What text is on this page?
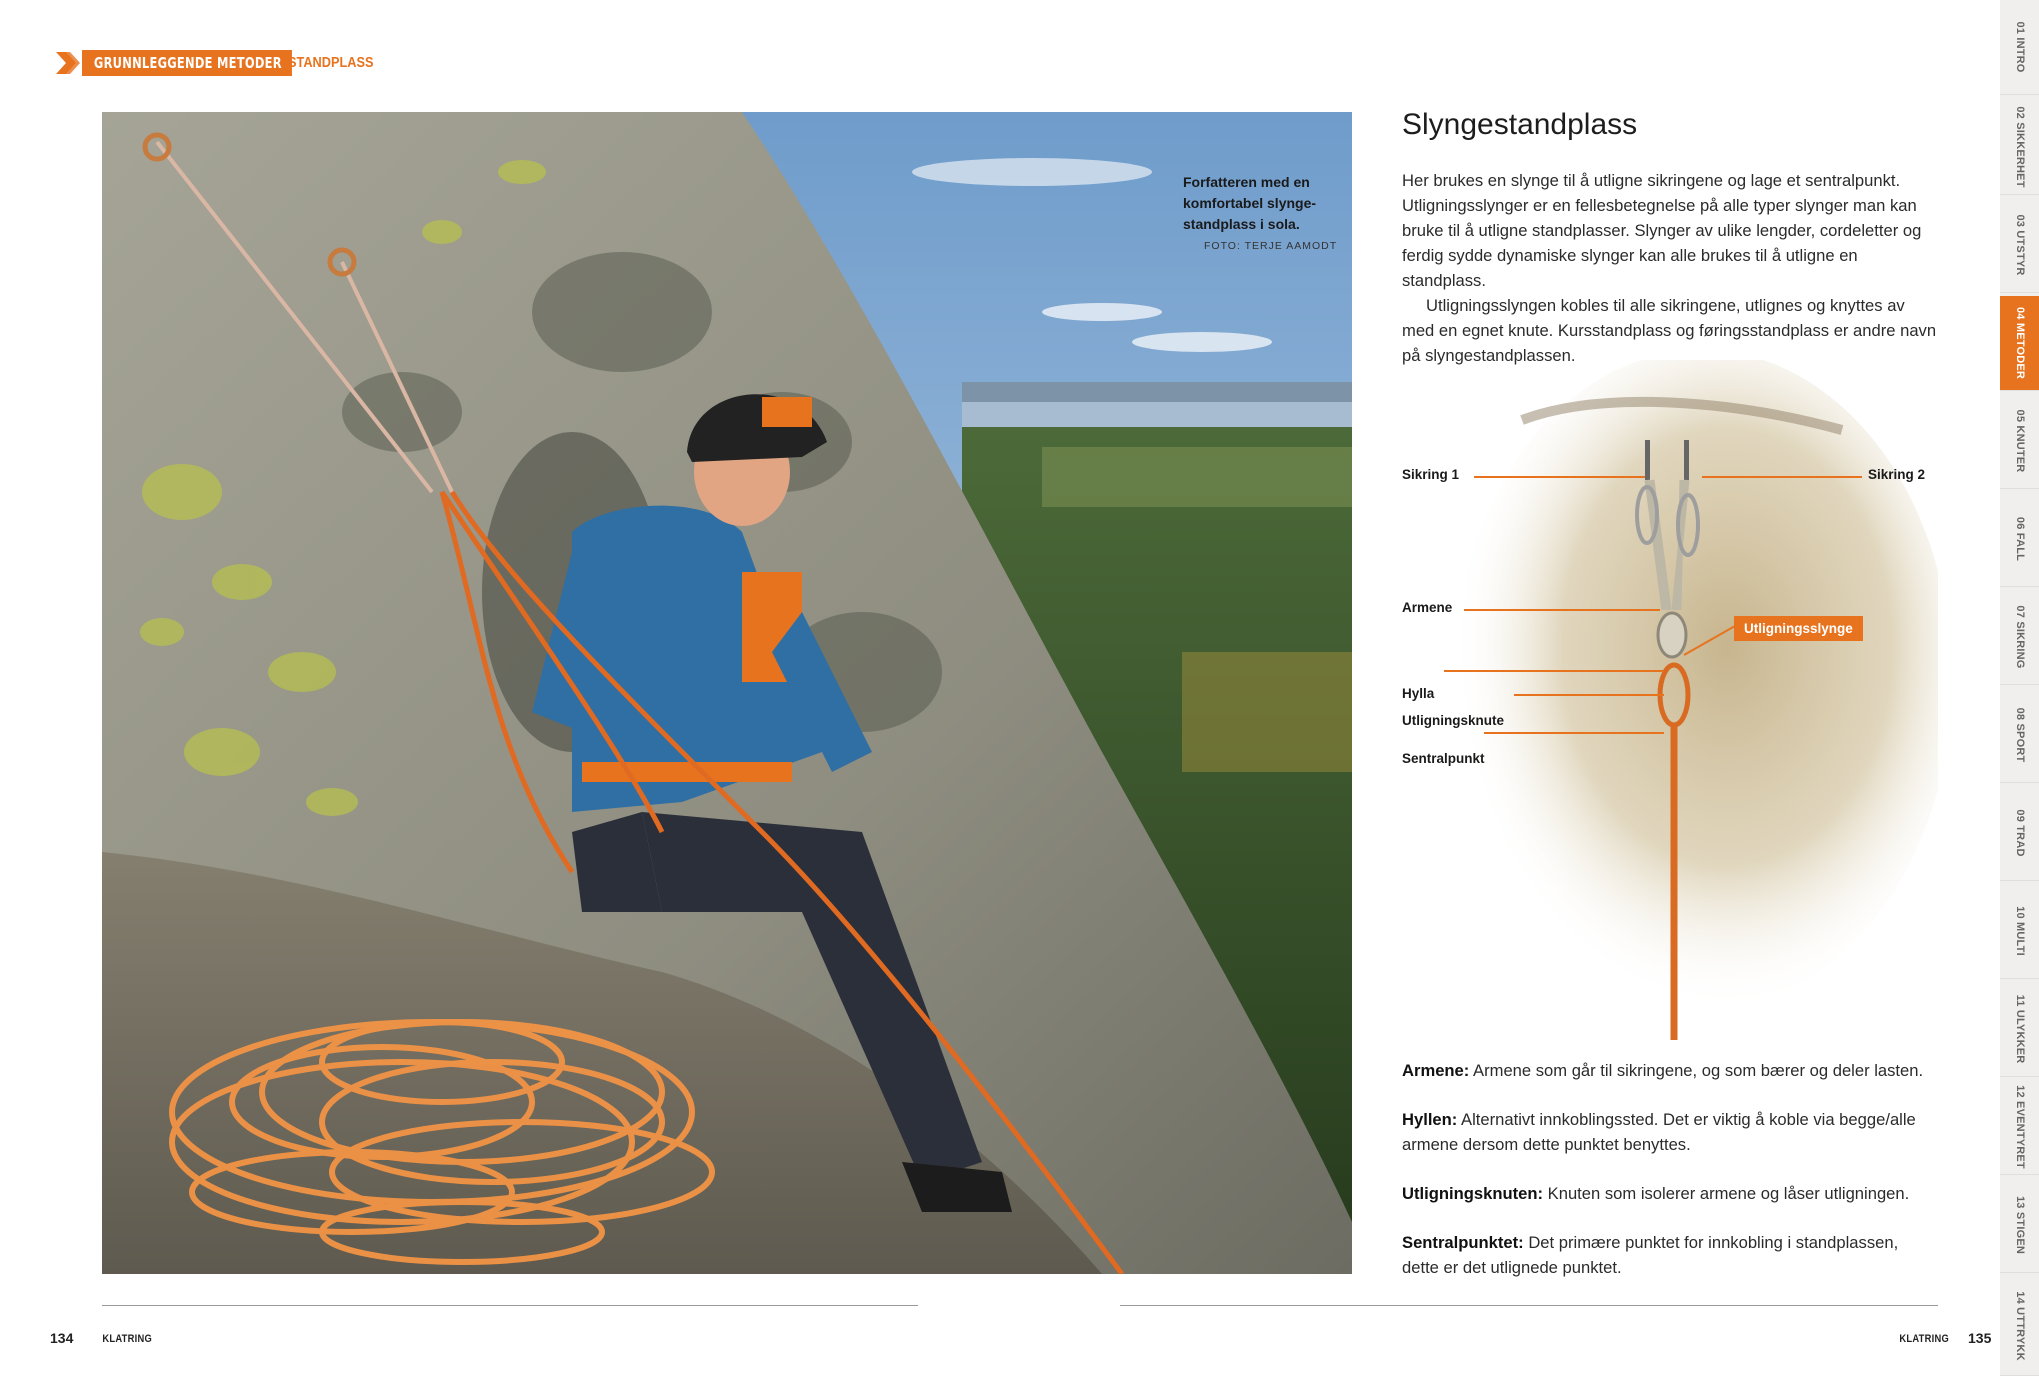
GRUNNLEGGENDE METODER STANDPLASS
Forfatteren med en komfortabel slynge-standplass i sola.
FOTO: TERJE AAMODT
Slyngestandplass

Her brukes en slynge til å utligne sikringene og lage et sentralpunkt. Utligningsslynger er en fellesbetegnelse på alle typer slynger man kan bruke til å utligne standplasser. Slynger av ulike lengder, cordeletter og ferdig sydde dynamiske slynger kan alle brukes til å utligne en standplass.

Utligningsslyngen kobles til alle sikringene, utlignes og knyttes av med en egnet knute. Kursstandplass og føringsstandplass er andre navn på slyngestandplassen.

Sikring 1	Sikring 2
Armene
Hylla
Utligningsknute
Sentralpunkt
Utligningsslynge

Armene: Armene som går til sikringene, og som bærer og deler lasten.

Hyllen: Alternativt innkoblingssted. Det er viktig å koble via begge/alle armene dersom dette punktet benyttes.

Utligningsknuten: Knuten som isolerer armene og låser utligningen.

Sentralpunktet: Det primære punktet for innkobling i standplassen, dette er det utlignede punktet.

134	KLATRING	KLATRING 135
01 INTRO
02 SIKKERHET
03 UTSTYR
04 METODER
05 KNUTER
06 FALL
07 SIKRING
08 SPORT
09 TRAD
10 MULTI
11 ULYKKER
12 EVENTYRET
13 STIGEN
14 UTTRYKK
